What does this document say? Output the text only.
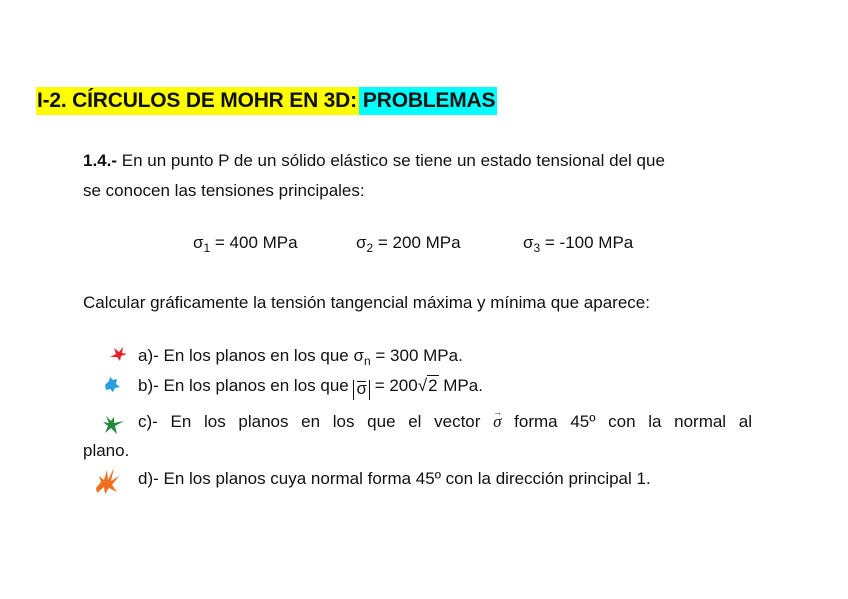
I-2. CÍRCULOS DE MOHR EN 3D: PROBLEMAS
1.4.- En un punto P de un sólido elástico se tiene un estado tensional del que
se conocen las tensiones principales:
$\sigma_1 = 400$ MPa	$\sigma_2 = 200$ MPa	$\sigma_3 = -100$ MPa
Calcular gráficamente la tensión tangencial máxima y mínima que aparece:
a)- En los planos en los que $\sigma_n = 300$ MPa.
b)- En los planos en los que σ = 200√2 MPa.
c)- En los planos en los que el vector → σ forma 45º con la normal al
plano.
d)- En los planos cuya normal forma 45º con la dirección principal 1.
